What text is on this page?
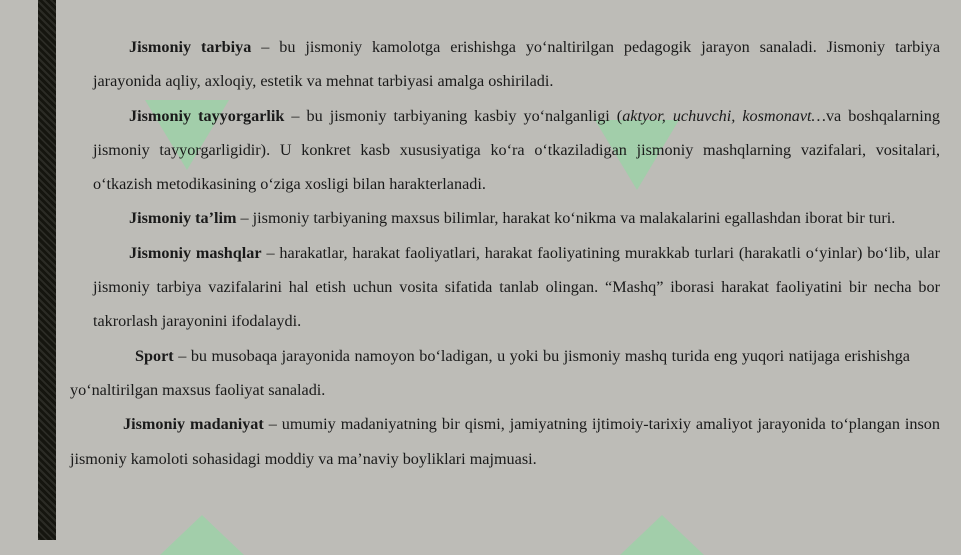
Jismoniy tarbiya – bu jismoniy kamolotga erishishga yo‘naltirilgan pedagogik jarayon sanaladi. Jismoniy tarbiya jarayonida aqliy, axloqiy, estetik va mehnat tarbiyasi amalga oshiriladi.

Jismoniy tayyorgarlik – bu jismoniy tarbiyaning kasbiy yo‘nalganligi (aktyor, uchuvchi, kosmonavt…va boshqalarning jismoniy tayyorgarligidir). U konkret kasb xususiyatiga ko‘ra o‘tkaziladigan jismoniy mashqlarning vazifalari, vositalari, o‘tkazish metodikasining o‘ziga xosligi bilan harakterlanadi.

Jismoniy ta’lim – jismoniy tarbiyaning maxsus bilimlar, harakat ko‘nikma va malakalarini egallashdan iborat bir turi.

Jismoniy mashqlar – harakatlar, harakat faoliyatlari, harakat faoliyatining murakkab turlari (harakatli o‘yinlar) bo‘lib, ular jismoniy tarbiya vazifalarini hal etish uchun vosita sifatida tanlab olingan. “Mashq” iborasi harakat faoliyatini bir necha bor takrorlash jarayonini ifodalaydi.

Sport – bu musobaqa jarayonida namoyon bo‘ladigan, u yoki bu jismoniy mashq turida eng yuqori natijaga erishishga yo‘naltirilgan maxsus faoliyat sanaladi.

Jismoniy madaniyat – umumiy madaniyatning bir qismi, jamiyatning ijtimoiy-tarixiy amaliyot jarayonida to‘plangan inson jismoniy kamoloti sohasidagi moddiy va ma’naviy boyliklari majmuasi.
